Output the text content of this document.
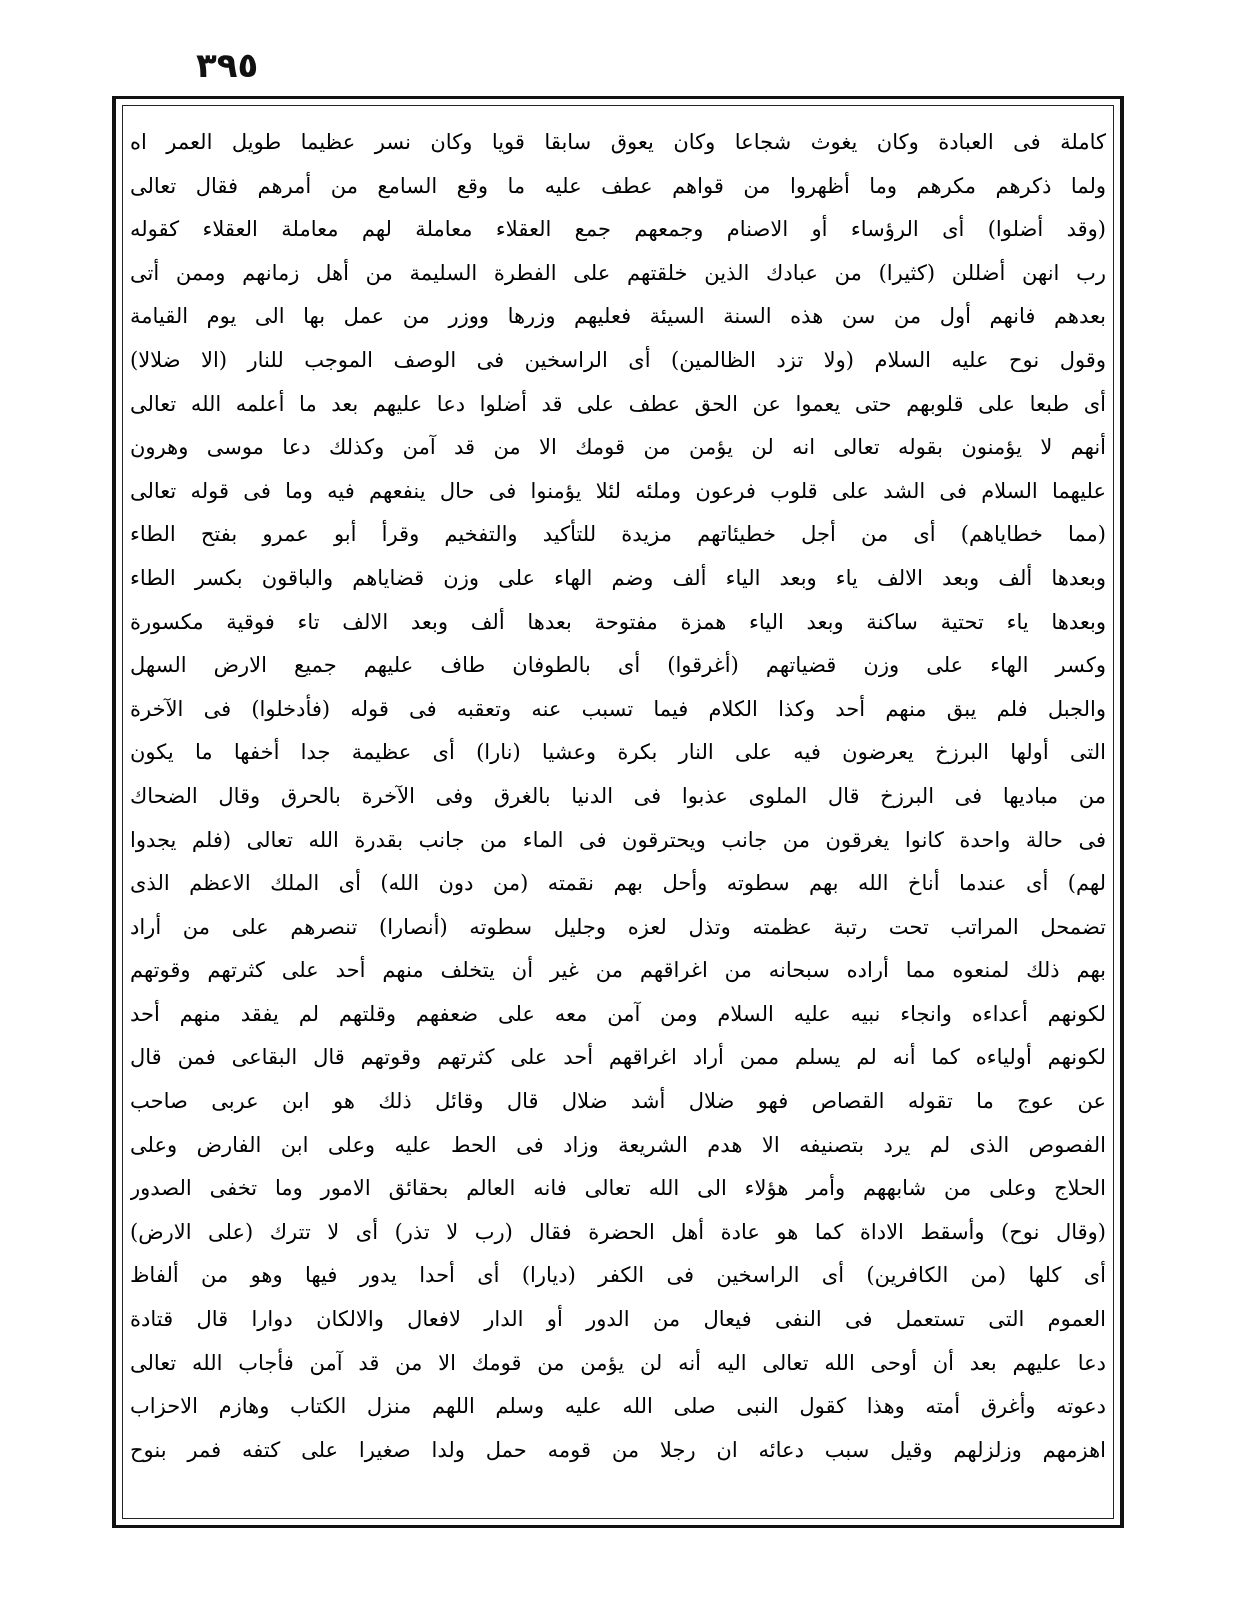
٣٩٥
كاملة فى العبادة وكان يغوث شجاعا وكان يعوق سابقا قويا وكان نسر عظيما طويل العمر اه
ولما ذكرهم مكرهم وما أظهروا من قواهم عطف عليه ما وقع السامع من أمرهم فقال تعالى
(وقد أضلوا) أى الرؤساء أو الاصنام وجمعهم جمع العقلاء معاملة لهم معاملة العقلاء كقوله
رب انهن أضللن (كثيرا) من عبادك الذين خلقتهم على الفطرة السليمة من أهل زمانهم وممن أتى
بعدهم فانهم أول من سن هذه السنة السيئة فعليهم وزرها ووزر من عمل بها الى يوم القيامة
وقول نوح عليه السلام (ولا تزد الظالمين) أى الراسخين فى الوصف الموجب للنار (الا ضلالا)
أى طبعا على قلوبهم حتى يعموا عن الحق عطف على قد أضلوا دعا عليهم بعد ما أعلمه الله تعالى
أنهم لا يؤمنون بقوله تعالى انه لن يؤمن من قومك الا من قد آمن وكذلك دعا موسى وهرون
عليهما السلام فى الشد على قلوب فرعون وملئه لئلا يؤمنوا فى حال ينفعهم فيه وما فى قوله تعالى
(مما خطاياهم) أى من أجل خطيئاتهم مزيدة للتأكيد والتفخيم وقرأ أبو عمرو بفتح الطاء
وبعدها ألف وبعد الالف ياء وبعد الياء ألف وضم الهاء على وزن قضاياهم والباقون بكسر الطاء
وبعدها ياء تحتية ساكنة وبعد الياء همزة مفتوحة بعدها ألف وبعد الالف تاء فوقية مكسورة
وكسر الهاء على وزن قضياتهم (أغرقوا) أى بالطوفان طاف عليهم جميع الارض السهل
والجبل فلم يبق منهم أحد وكذا الكلام فيما تسبب عنه وتعقبه فى قوله (فأدخلوا) فى الآخرة
التى أولها البرزخ يعرضون فيه على النار بكرة وعشيا (نارا) أى عظيمة جدا أخفها ما يكون
من مباديها فى البرزخ قال الملوى عذبوا فى الدنيا بالغرق وفى الآخرة بالحرق وقال الضحاك
فى حالة واحدة كانوا يغرقون من جانب ويحترقون فى الماء من جانب بقدرة الله تعالى (فلم يجدوا
لهم) أى عندما أناخ الله بهم سطوته وأحل بهم نقمته (من دون الله) أى الملك الاعظم الذى
تضمحل المراتب تحت رتبة عظمته وتذل لعزه وجليل سطوته (أنصارا) تنصرهم على من أراد
بهم ذلك لمنعوه مما أراده سبحانه من اغراقهم من غير أن يتخلف منهم أحد على كثرتهم وقوتهم
لكونهم أعداءه وانجاء نبيه عليه السلام ومن آمن معه على ضعفهم وقلتهم لم يفقد منهم أحد
لكونهم أولياءه كما أنه لم يسلم ممن أراد اغراقهم أحد على كثرتهم وقوتهم قال البقاعى فمن قال
عن عوج ما تقوله القصاص فهو ضلال أشد ضلال قال وقائل ذلك هو ابن عربى صاحب
الفصوص الذى لم يرد بتصنيفه الا هدم الشريعة وزاد فى الحط عليه وعلى ابن الفارض وعلى
الحلاج وعلى من شابههم وأمر هؤلاء الى الله تعالى فانه العالم بحقائق الامور وما تخفى الصدور
(وقال نوح) وأسقط الاداة كما هو عادة أهل الحضرة فقال (رب لا تذر) أى لا تترك (على الارض)
أى كلها (من الكافرين) أى الراسخين فى الكفر (ديارا) أى أحدا يدور فيها وهو من ألفاظ
العموم التى تستعمل فى النفى فيعال من الدور أو الدار لافعال والالكان دوارا قال قتادة
دعا عليهم بعد أن أوحى الله تعالى اليه أنه لن يؤمن من قومك الا من قد آمن فأجاب الله تعالى
دعوته وأغرق أمته وهذا كقول النبى صلى الله عليه وسلم اللهم منزل الكتاب وهازم الاحزاب
اهزمهم وزلزلهم وقيل سبب دعائه ان رجلا من قومه حمل ولدا صغيرا على كتفه فمر بنوح
